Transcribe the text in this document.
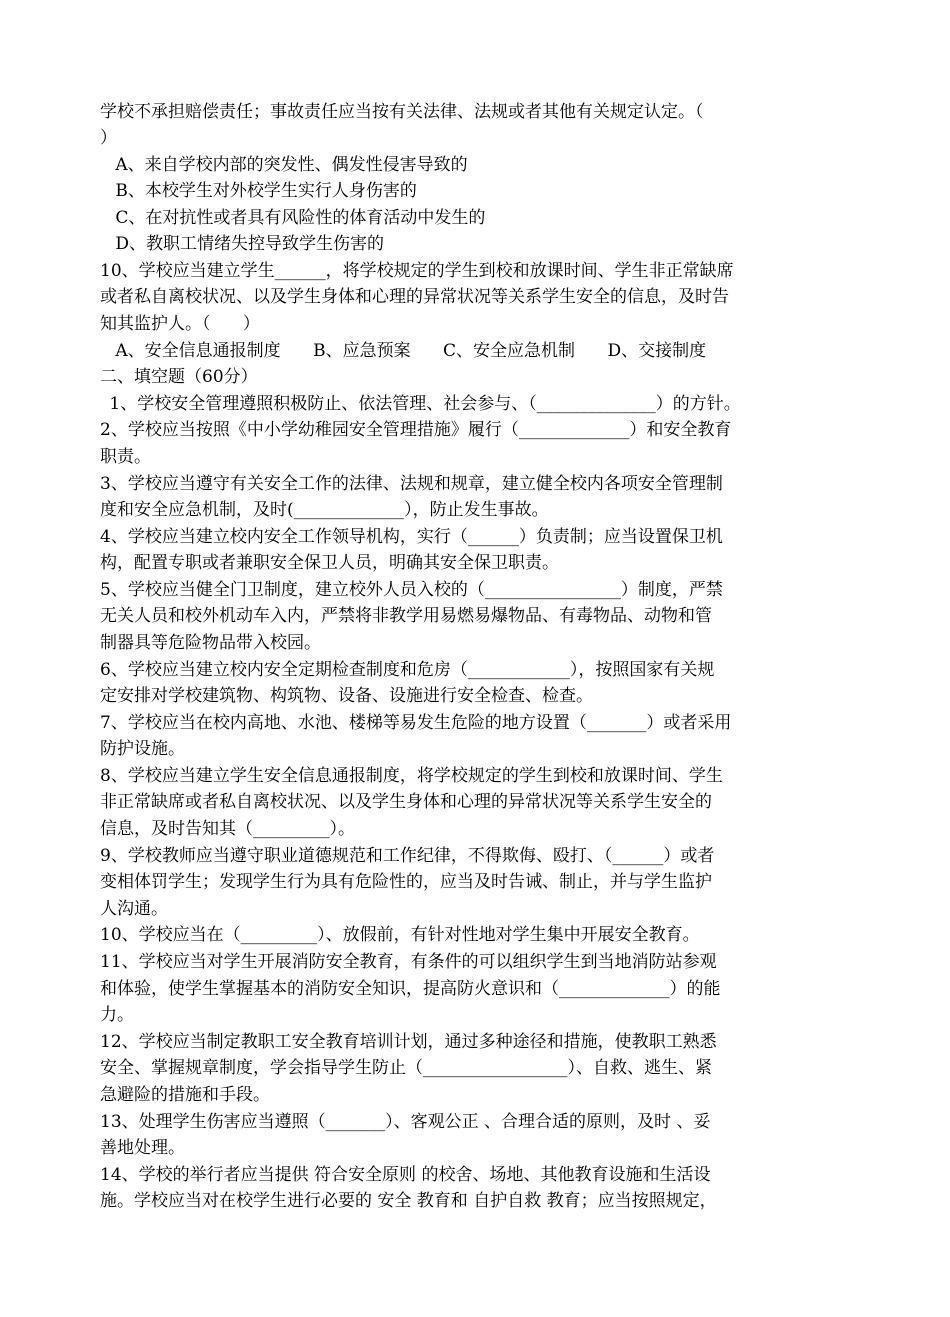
学校不承担赔偿责任；事故责任应当按有关法律、法规或者其他有关规定认定。（
）
A、来自学校内部的突发性、偶发性侵害导致的
B、本校学生对外校学生实行人身伤害的
C、在对抗性或者具有风险性的体育活动中发生的
D、教职工情绪失控导致学生伤害的
10、学校应当建立学生______，将学校规定的学生到校和放课时间、学生非正常缺席
或者私自离校状况、以及学生身体和心理的异常状况等关系学生安全的信息，及时告
知其监护人。（      ）
A、安全信息通报制度      B、应急预案      C、安全应急机制      D、交接制度
二、填空题（60分）
1、学校安全管理遵照积极防止、依法管理、社会参与、（______________）的方针。
2、学校应当按照《中小学幼稚园安全管理措施》履行（_____________）和安全教育
职责。
3、学校应当遵守有关安全工作的法律、法规和规章，建立健全校内各项安全管理制
度和安全应急机制，及时(_____________），防止发生事故。
4、学校应当建立校内安全工作领导机构，实行（______）负责制；应当设置保卫机
构，配置专职或者兼职安全保卫人员，明确其安全保卫职责。
5、学校应当健全门卫制度，建立校外人员入校的（________________）制度，严禁
无关人员和校外机动车入内，严禁将非教学用易燃易爆物品、有毒物品、动物和管
制器具等危险物品带入校园。
6、学校应当建立校内安全定期检查制度和危房（____________），按照国家有关规
定安排对学校建筑物、构筑物、设备、设施进行安全检查、检查。
7、学校应当在校内高地、水池、楼梯等易发生危险的地方设置（_______）或者采用
防护设施。
8、学校应当建立学生安全信息通报制度，将学校规定的学生到校和放课时间、学生
非正常缺席或者私自离校状况、以及学生身体和心理的异常状况等关系学生安全的
信息，及时告知其（_________）。
9、学校教师应当遵守职业道德规范和工作纪律，不得欺侮、殴打、（______）或者
变相体罚学生；发现学生行为具有危险性的，应当及时告诫、制止，并与学生监护
人沟通。
10、学校应当在（_________）、放假前，有针对性地对学生集中开展安全教育。
11、学校应当对学生开展消防安全教育，有条件的可以组织学生到当地消防站参观
和体验，使学生掌握基本的消防安全知识，提高防火意识和（_____________）的能
力。
12、学校应当制定教职工安全教育培训计划，通过多种途径和措施，使教职工熟悉
安全、掌握规章制度，学会指导学生防止（_________________）、自救、逃生、紧
急避险的措施和手段。
13、处理学生伤害应当遵照（_______）、客观公正 、合理合适的原则，及时 、妥
善地处理。
14、学校的举行者应当提供 符合安全原则 的校舍、场地、其他教育设施和生活设
施。学校应当对在校学生进行必要的 安全 教育和 自护自救 教育；应当按照规定，
